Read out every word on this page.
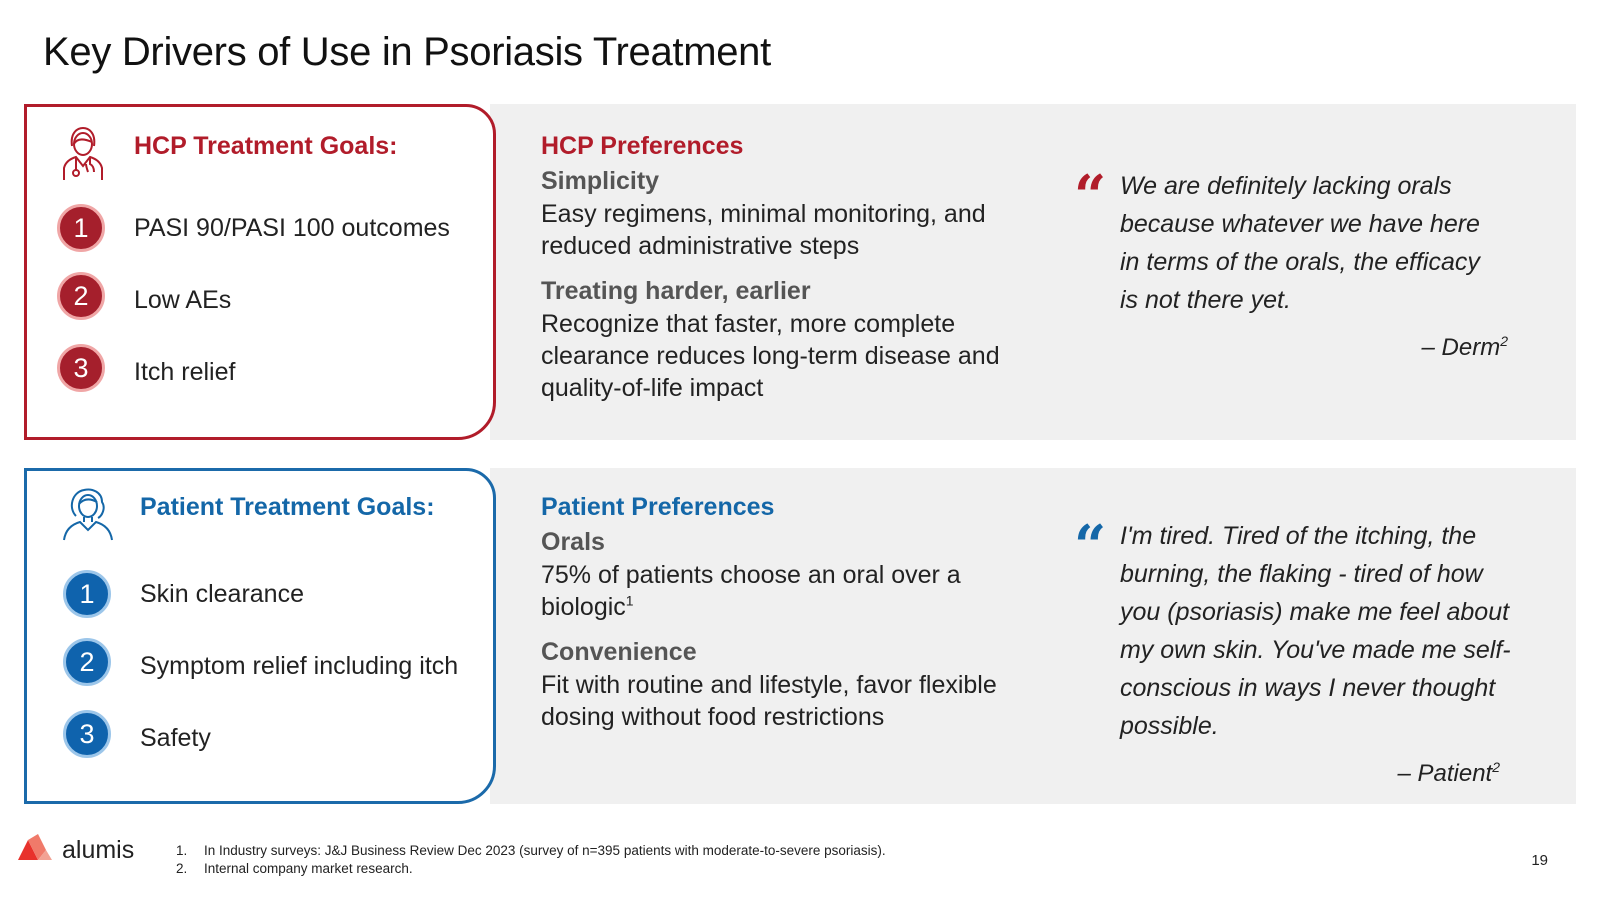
Key Drivers of Use in Psoriasis Treatment
HCP Treatment Goals:
1	PASI 90/PASI 100 outcomes
2	Low AEs
3	Itch relief
HCP Preferences
Simplicity
Easy regimens, minimal monitoring, and reduced administrative steps
Treating harder, earlier
Recognize that faster, more complete clearance reduces long-term disease and quality-of-life impact
“ We are definitely lacking orals because whatever we have here in terms of the orals, the efficacy is not there yet.
– Derm$^2$
Patient Treatment Goals:
1	Skin clearance
2	Symptom relief including itch
3	Safety
Patient Preferences
Orals
75% of patients choose an oral over a biologic$^1$
Convenience
Fit with routine and lifestyle, favor flexible dosing without food restrictions
“ I'm tired. Tired of the itching, the burning, the flaking - tired of how you (psoriasis) make me feel about my own skin. You've made me self-conscious in ways I never thought possible.
– Patient$^2$
alumis	1.	In Industry surveys: J&J Business Review Dec 2023 (survey of n=395 patients with moderate-to-severe psoriasis).
2.	Internal company market research.	19
